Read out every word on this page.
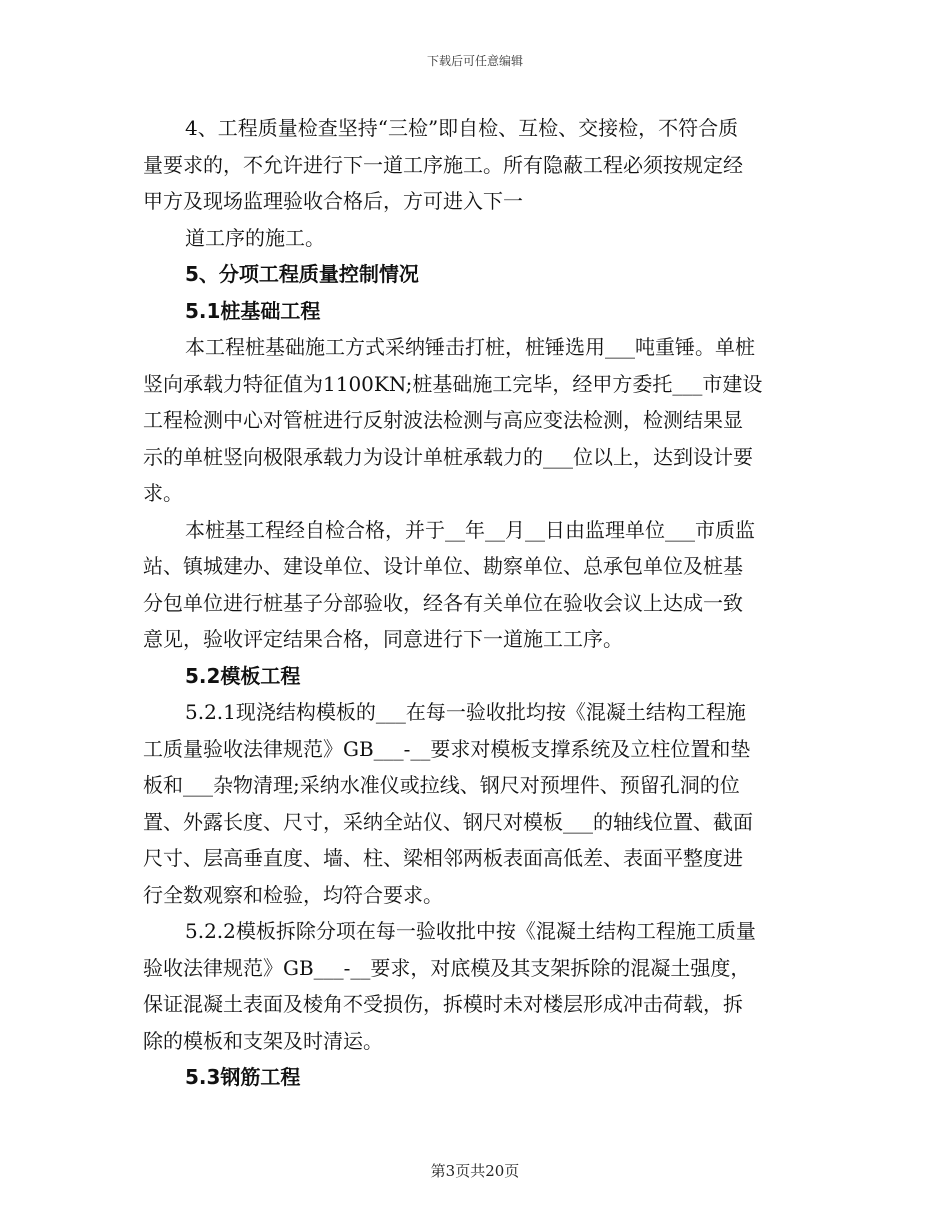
下载后可任意编辑
4、工程质量检查坚持“三检”即自检、互检、交接检，不符合质
量要求的，不允许进行下一道工序施工。所有隐蔽工程必须按规定经
甲方及现场监理验收合格后，方可进入下一
道工序的施工。
5、分项工程质量控制情况
5.1桩基础工程
本工程桩基础施工方式采纳锤击打桩，桩锤选用___吨重锤。单桩
竖向承载力特征值为1100KN;桩基础施工完毕，经甲方委托___市建设
工程检测中心对管桩进行反射波法检测与高应变法检测，检测结果显
示的单桩竖向极限承载力为设计单桩承载力的___位以上，达到设计要
求。
本桩基工程经自检合格，并于__年__月__日由监理单位___市质监
站、镇城建办、建设单位、设计单位、勘察单位、总承包单位及桩基
分包单位进行桩基子分部验收，经各有关单位在验收会议上达成一致
意见，验收评定结果合格，同意进行下一道施工工序。
5.2模板工程
5.2.1现浇结构模板的___在每一验收批均按《混凝土结构工程施
工质量验收法律规范》GB___-__要求对模板支撑系统及立柱位置和垫
板和___杂物清理;采纳水准仪或拉线、钢尺对预埋件、预留孔洞的位
置、外露长度、尺寸，采纳全站仪、钢尺对模板___的轴线位置、截面
尺寸、层高垂直度、墙、柱、梁相邻两板表面高低差、表面平整度进
行全数观察和检验，均符合要求。
5.2.2模板拆除分项在每一验收批中按《混凝土结构工程施工质量
验收法律规范》GB___-__要求，对底模及其支架拆除的混凝土强度，
保证混凝土表面及棱角不受损伤，拆模时未对楼层形成冲击荷载，拆
除的模板和支架及时清运。
5.3钢筋工程
第3页共20页
